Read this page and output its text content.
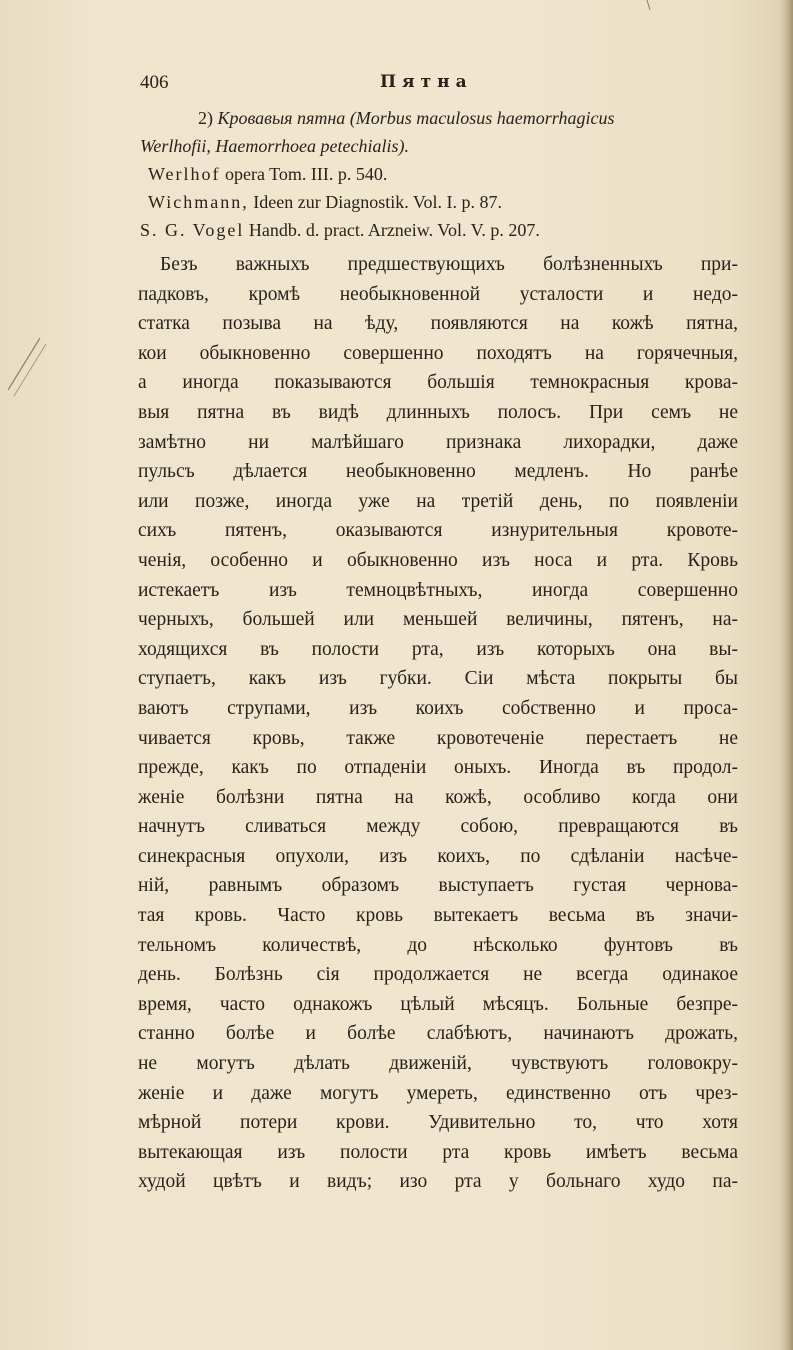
406	Пятна
2) Кровавыя пятна (Morbus maculosus haemorrhagicus
Werlhofii, Haemorrhoea petechialis).
Werlhof opera Tom. III. p. 540.
Wichmann, Ideen zur Diagnostik. Vol. I. p. 87.
S. G. Vogel Handb. d. pract. Arzneiw. Vol. V. p. 207.
Безъ важныхъ предшествующихъ болѣзненныхъ при-
падковъ, кромѣ необыкновенной усталости и недо-
статка позыва на ѣду, появляются на кожѣ пятна,
кои обыкновенно совершенно походятъ на горячечныя,
а иногда показываются большія темнокрасныя крова-
выя пятна въ видѣ длинныхъ полосъ. При семъ не
замѣтно ни малѣйшаго признака лихорадки, даже
пульсъ дѣлается необыкновенно медленъ. Но ранѣе
или позже, иногда уже на третій день, по появленіи
сихъ пятенъ, оказываются изнурительныя кровоте-
ченія, особенно и обыкновенно изъ носа и рта. Кровь
истекаетъ изъ темноцвѣтныхъ, иногда совершенно
черныхъ, большей или меньшей величины, пятенъ, на-
ходящихся въ полости рта, изъ которыхъ она вы-
ступаетъ, какъ изъ губки. Сіи мѣста покрыты бы
ваютъ струпами, изъ коихъ собственно и проса-
чивается кровь, также кровотеченіе перестаетъ не
прежде, какъ по отпаденіи оныхъ. Иногда въ продол-
женіе болѣзни пятна на кожѣ, особливо когда они
начнутъ сливаться между собою, превращаются въ
синекрасныя опухоли, изъ коихъ, по сдѣланіи насѣче-
ній, равнымъ образомъ выступаетъ густая чернова-
тая кровь. Часто кровь вытекаетъ весьма въ значи-
тельномъ количествѣ, до нѣсколько фунтовъ въ
день. Болѣзнь сія продолжается не всегда одинакое
время, часто однакожъ цѣлый мѣсяцъ. Больные безпре-
станно болѣе и болѣе слабѣютъ, начинаютъ дрожать,
не могутъ дѣлать движеній, чувствуютъ головокру-
женіе и даже могутъ умереть, единственно отъ чрез-
мѣрной потери крови. Удивительно то, что хотя
вытекающая изъ полости рта кровь имѣетъ весьма
худой цвѣтъ и видъ; изо рта у больнаго худо па-
